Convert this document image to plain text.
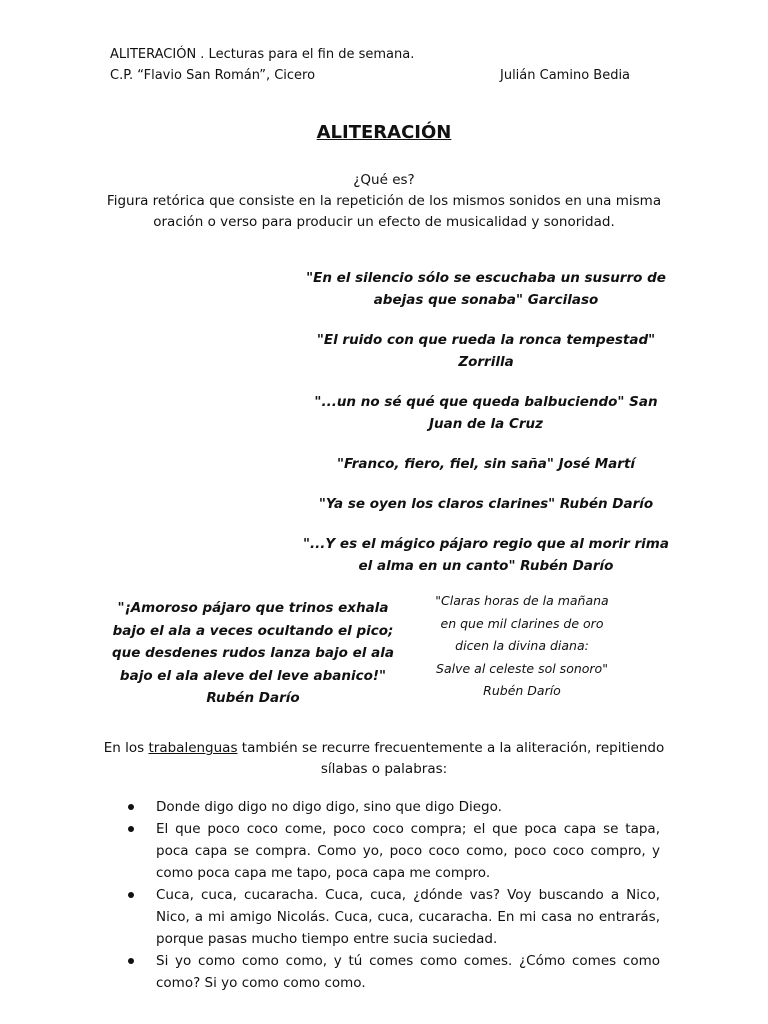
ALITERACIÓN . Lecturas para el fin de semana.
C.P. “Flavio San Román”, Cicero	Julián Camino Bedia
ALITERACIÓN
¿Qué es?
Figura retórica que consiste en la repetición de los mismos sonidos en una misma oración o verso para producir un efecto de musicalidad y sonoridad.

"En el silencio sólo se escuchaba un susurro de abejas que sonaba" Garcilaso

"El ruido con que rueda la ronca tempestad" Zorrilla

"...un no sé qué que queda balbuciendo" San Juan de la Cruz

"Franco, fiero, fiel, sin saña" José Martí

"Ya se oyen los claros clarines" Rubén Darío

"...Y es el mágico pájaro regio que al morir rima el alma en un canto" Rubén Darío

"¡Amoroso pájaro que trinos exhala
bajo el ala a veces ocultando el pico;
que desdenes rudos lanza bajo el ala
bajo el ala aleve del leve abanico!"
Rubén Darío
"Claras horas de la mañana
en que mil clarines de oro
dicen la divina diana:
Salve al celeste sol sonoro"
Rubén Darío
En los trabalenguas también se recurre frecuentemente a la aliteración, repitiendo sílabas o palabras:
Donde digo digo no digo digo, sino que digo Diego.
El que poco coco come, poco coco compra; el que poca capa se tapa, poca capa se compra. Como yo, poco coco como, poco coco compro, y como poca capa me tapo, poca capa me compro.
Cuca, cuca, cucaracha. Cuca, cuca, ¿dónde vas? Voy buscando a Nico, Nico, a mi amigo Nicolás. Cuca, cuca, cucaracha. En mi casa no entrarás, porque pasas mucho tiempo entre sucia suciedad.
Si yo como como como, y tú comes como comes. ¿Cómo comes como como? Si yo como como como.
